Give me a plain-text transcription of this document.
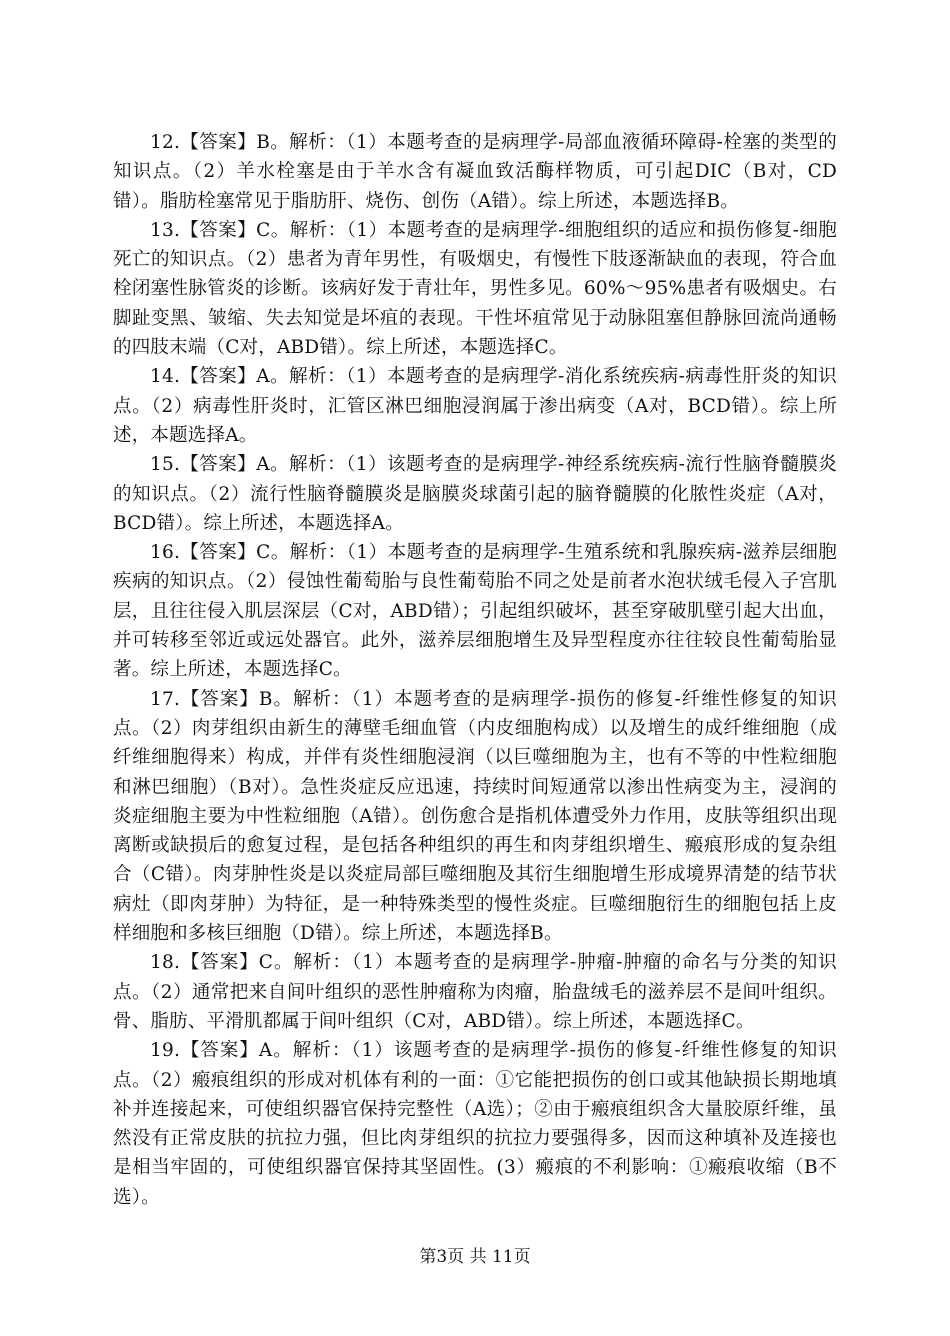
12.【答案】B。解析：（1）本题考查的是病理学-局部血液循环障碍-栓塞的类型的知识点。（2）羊水栓塞是由于羊水含有凝血致活酶样物质，可引起DIC（B对，CD错）。脂肪栓塞常见于脂肪肝、烧伤、创伤（A错）。综上所述，本题选择B。

13.【答案】C。解析：（1）本题考查的是病理学-细胞组织的适应和损伤修复-细胞死亡的知识点。（2）患者为青年男性，有吸烟史，有慢性下肢逐渐缺血的表现，符合血栓闭塞性脉管炎的诊断。该病好发于青壮年，男性多见。60%～95%患者有吸烟史。右脚趾变黑、皱缩、失去知觉是坏疽的表现。干性坏疽常见于动脉阻塞但静脉回流尚通畅的四肢末端（C对，ABD错）。综上所述，本题选择C。

14.【答案】A。解析：（1）本题考查的是病理学-消化系统疾病-病毒性肝炎的知识点。（2）病毒性肝炎时，汇管区淋巴细胞浸润属于渗出病变（A对，BCD错）。综上所述，本题选择A。

15.【答案】A。解析：（1）该题考查的是病理学-神经系统疾病-流行性脑脊髓膜炎的知识点。（2）流行性脑脊髓膜炎是脑膜炎球菌引起的脑脊髓膜的化脓性炎症（A对，BCD错）。综上所述，本题选择A。

16.【答案】C。解析：（1）本题考查的是病理学-生殖系统和乳腺疾病-滋养层细胞疾病的知识点。（2）侵蚀性葡萄胎与良性葡萄胎不同之处是前者水泡状绒毛侵入子宫肌层，且往往侵入肌层深层（C对，ABD错）；引起组织破坏，甚至穿破肌壁引起大出血，并可转移至邻近或远处器官。此外，滋养层细胞增生及异型程度亦往往较良性葡萄胎显著。综上所述，本题选择C。

17.【答案】B。解析：（1）本题考查的是病理学-损伤的修复-纤维性修复的知识点。（2）肉芽组织由新生的薄壁毛细血管（内皮细胞构成）以及增生的成纤维细胞（成纤维细胞得来）构成，并伴有炎性细胞浸润（以巨噬细胞为主，也有不等的中性粒细胞和淋巴细胞）（B对）。急性炎症反应迅速，持续时间短通常以渗出性病变为主，浸润的炎症细胞主要为中性粒细胞（A错）。创伤愈合是指机体遭受外力作用，皮肤等组织出现离断或缺损后的愈复过程，是包括各种组织的再生和肉芽组织增生、瘢痕形成的复杂组合（C错）。肉芽肿性炎是以炎症局部巨噬细胞及其衍生细胞增生形成境界清楚的结节状病灶（即肉芽肿）为特征，是一种特殊类型的慢性炎症。巨噬细胞衍生的细胞包括上皮样细胞和多核巨细胞（D错）。综上所述，本题选择B。

18.【答案】C。解析：（1）本题考查的是病理学-肿瘤-肿瘤的命名与分类的知识点。（2）通常把来自间叶组织的恶性肿瘤称为肉瘤，胎盘绒毛的滋养层不是间叶组织。骨、脂肪、平滑肌都属于间叶组织（C对，ABD错）。综上所述，本题选择C。

19.【答案】A。解析：（1）该题考查的是病理学-损伤的修复-纤维性修复的知识点。（2）瘢痕组织的形成对机体有利的一面：①它能把损伤的创口或其他缺损长期地填补并连接起来，可使组织器官保持完整性（A选）；②由于瘢痕组织含大量胶原纤维，虽然没有正常皮肤的抗拉力强，但比肉芽组织的抗拉力要强得多，因而这种填补及连接也是相当牢固的，可使组织器官保持其坚固性。(3）瘢痕的不利影响：①瘢痕收缩（B不选）。

第3页 共 11页
